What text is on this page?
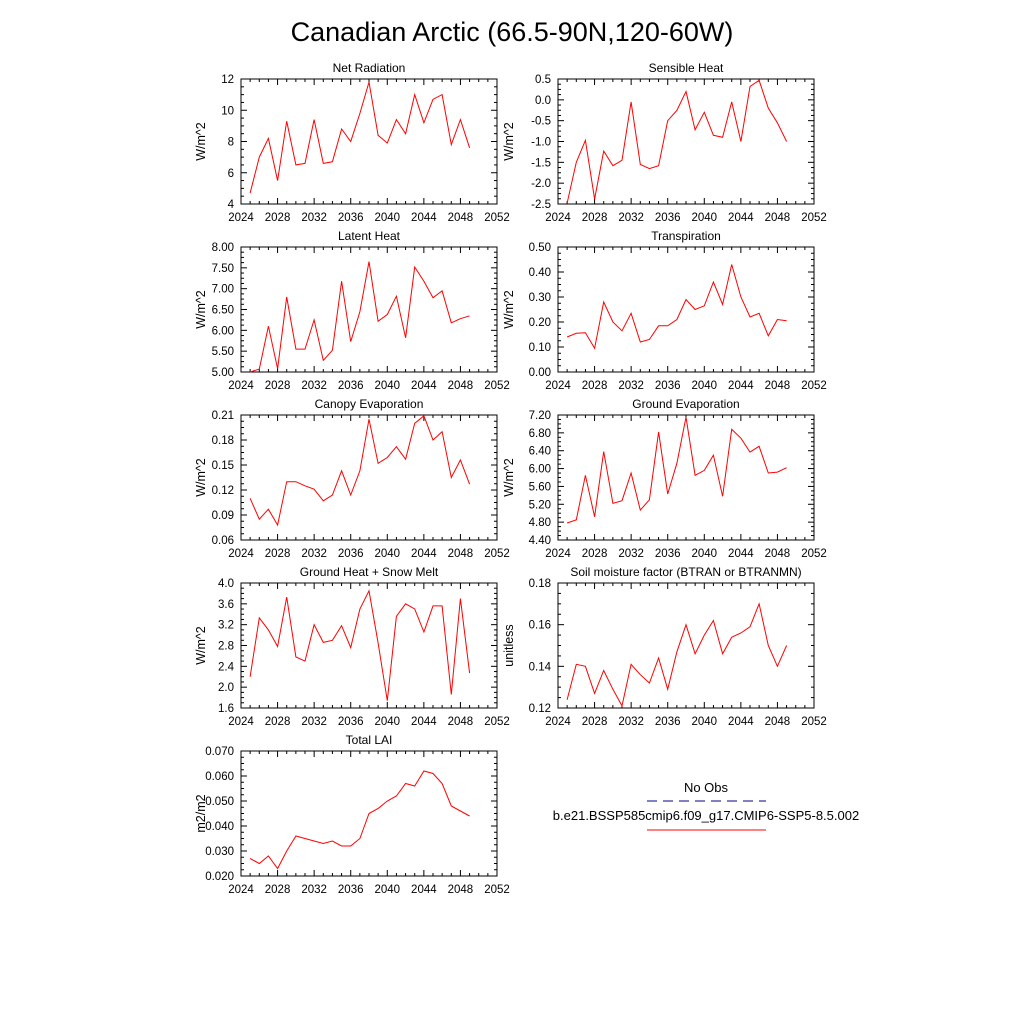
Canadian Arctic (66.5-90N,120-60W)
Net Radiation
W/m^2
2024 2028 2032 2036 2040 2044 2048 2052
4
6
8
10
12
Sensible Heat
W/m^2
2024 2028 2032 2036 2040 2044 2048 2052
-2.5
-2.0
-1.5
-1.0
-0.5
0.0
0.5
Latent Heat
W/m^2
2024 2028 2032 2036 2040 2044 2048 2052
5.00
5.50
6.00
6.50
7.00
7.50
8.00
Transpiration
W/m^2
2024 2028 2032 2036 2040 2044 2048 2052
0.00
0.10
0.20
0.30
0.40
0.50
Canopy Evaporation
W/m^2
2024 2028 2032 2036 2040 2044 2048 2052
0.06
0.09
0.12
0.15
0.18
0.21
Ground Evaporation
W/m^2
2024 2028 2032 2036 2040 2044 2048 2052
4.40
4.80
5.20
5.60
6.00
6.40
6.80
7.20
Ground Heat + Snow Melt
W/m^2
2024 2028 2032 2036 2040 2044 2048 2052
1.6
2.0
2.4
2.8
3.2
3.6
4.0
Soil moisture factor (BTRAN or BTRANMN)
unitless
2024 2028 2032 2036 2040 2044 2048 2052
0.12
0.14
0.16
0.18
Total LAI
m2/m2
2024 2028 2032 2036 2040 2044 2048 2052
0.020
0.030
0.040
0.050
0.060
0.070
No Obs
b.e21.BSSP585cmip6.f09_g17.CMIP6-SSP5-8.5.002
